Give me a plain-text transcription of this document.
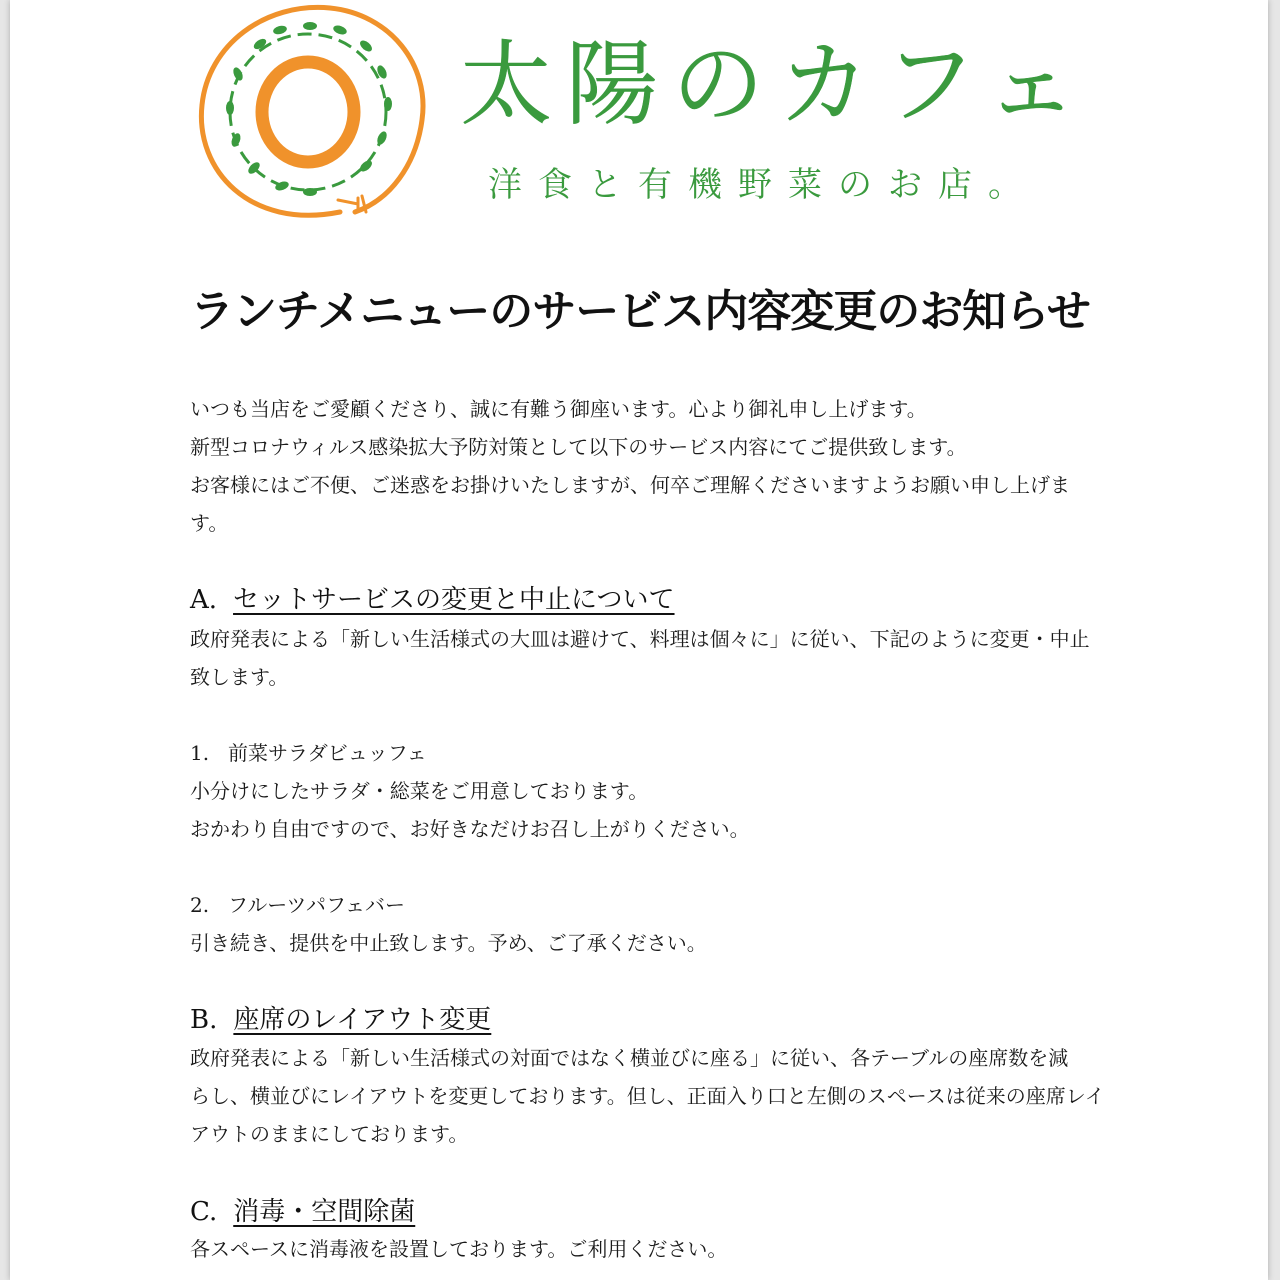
太陽のカフェ
洋食と有機野菜のお店。
ランチメニューのサービス内容変更のお知らせ
いつも当店をご愛顧くださり、誠に有難う御座います。心より御礼申し上げます。
新型コロナウィルス感染拡大予防対策として以下のサービス内容にてご提供致します。
お客様にはご不便、ご迷惑をお掛けいたしますが、何卒ご理解くださいますようお願い申し上げま
す。
A. セットサービスの変更と中止について
政府発表による「新しい生活様式の大皿は避けて、料理は個々に」に従い、下記のように変更・中止
致します。
1. 前菜サラダビュッフェ
小分けにしたサラダ・総菜をご用意しております。
おかわり自由ですので、お好きなだけお召し上がりください。
2. フルーツパフェバー
引き続き、提供を中止致します。予め、ご了承ください。
B. 座席のレイアウト変更
政府発表による「新しい生活様式の対面ではなく横並びに座る」に従い、各テーブルの座席数を減
らし、横並びにレイアウトを変更しております。但し、正面入り口と左側のスペースは従来の座席レイ
アウトのままにしております。
C. 消毒・空間除菌
各スペースに消毒液を設置しております。ご利用ください。
